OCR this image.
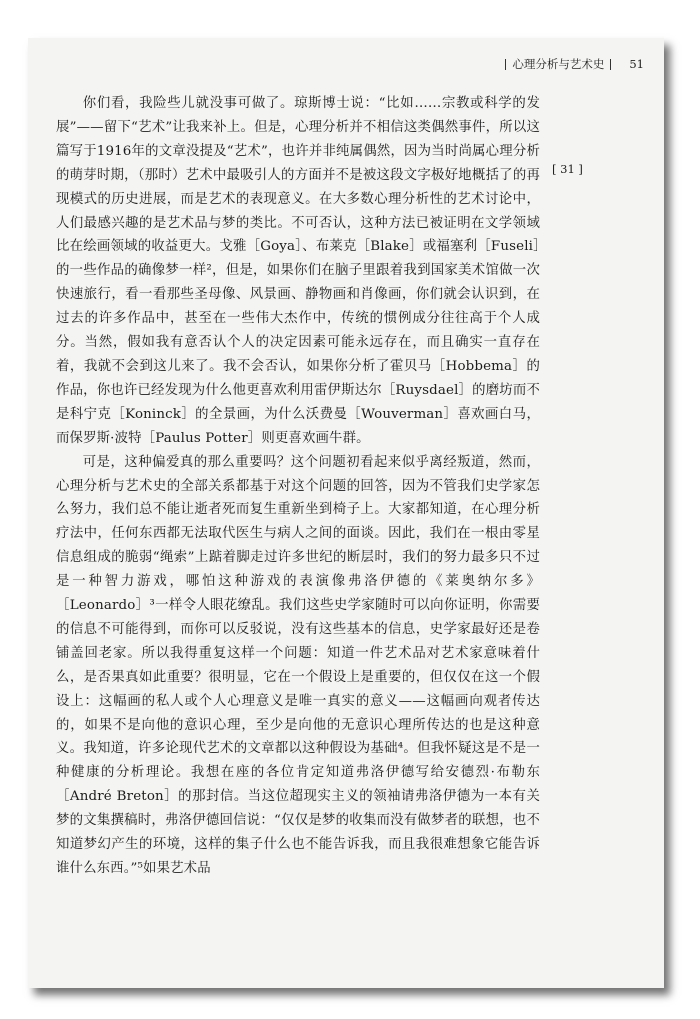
心理分析与艺术史 51
[ 31 ]

你们看，我险些儿就没事可做了。琼斯博士说：“比如……宗教或科学的发展”——留下“艺术”让我来补上。但是，心理分析并不相信这类偶然事件，所以这篇写于1916年的文章没提及“艺术”，也许并非纯属偶然，因为当时尚属心理分析的萌芽时期，（那时）艺术中最吸引人的方面并不是被这段文字极好地概括了的再现模式的历史进展，而是艺术的表现意义。在大多数心理分析性的艺术讨论中，人们最感兴趣的是艺术品与梦的类比。不可否认，这种方法已被证明在文学领域比在绘画领域的收益更大。戈雅［Goya］、布莱克［Blake］或福塞利［Fuseli］的一些作品的确像梦一样²，但是，如果你们在脑子里跟着我到国家美术馆做一次快速旅行，看一看那些圣母像、风景画、静物画和肖像画，你们就会认识到，在过去的许多作品中，甚至在一些伟大杰作中，传统的惯例成分往往高于个人成分。当然，假如我有意否认个人的决定因素可能永远存在，而且确实一直存在着，我就不会到这儿来了。我不会否认，如果你分析了霍贝马［Hobbema］的作品，你也许已经发现为什么他更喜欢利用雷伊斯达尔［Ruysdael］的磨坊而不是科宁克［Koninck］的全景画，为什么沃费曼［Wouverman］喜欢画白马，而保罗斯·波特［Paulus Potter］则更喜欢画牛群。

可是，这种偏爱真的那么重要吗？这个问题初看起来似乎离经叛道，然而，心理分析与艺术史的全部关系都基于对这个问题的回答，因为不管我们史学家怎么努力，我们总不能让逝者死而复生重新坐到椅子上。大家都知道，在心理分析疗法中，任何东西都无法取代医生与病人之间的面谈。因此，我们在一根由零星信息组成的脆弱“绳索”上踮着脚走过许多世纪的断层时，我们的努力最多只不过是一种智力游戏，哪怕这种游戏的表演像弗洛伊德的《莱奥纳尔多》［Leonardo］³一样令人眼花缭乱。我们这些史学家随时可以向你证明，你需要的信息不可能得到，而你可以反驳说，没有这些基本的信息，史学家最好还是卷铺盖回老家。所以我得重复这样一个问题：知道一件艺术品对艺术家意味着什么，是否果真如此重要？很明显，它在一个假设上是重要的，但仅仅在这一个假设上：这幅画的私人或个人心理意义是唯一真实的意义——这幅画向观者传达的，如果不是向他的意识心理，至少是向他的无意识心理所传达的也是这种意义。我知道，许多论现代艺术的文章都以这种假设为基础⁴。但我怀疑这是不是一种健康的分析理论。我想在座的各位肯定知道弗洛伊德写给安德烈·布勒东［André Breton］的那封信。当这位超现实主义的领袖请弗洛伊德为一本有关梦的文集撰稿时，弗洛伊德回信说：“仅仅是梦的收集而没有做梦者的联想，也不知道梦幻产生的环境，这样的集子什么也不能告诉我，而且我很难想象它能告诉谁什么东西。”⁵如果艺术品
